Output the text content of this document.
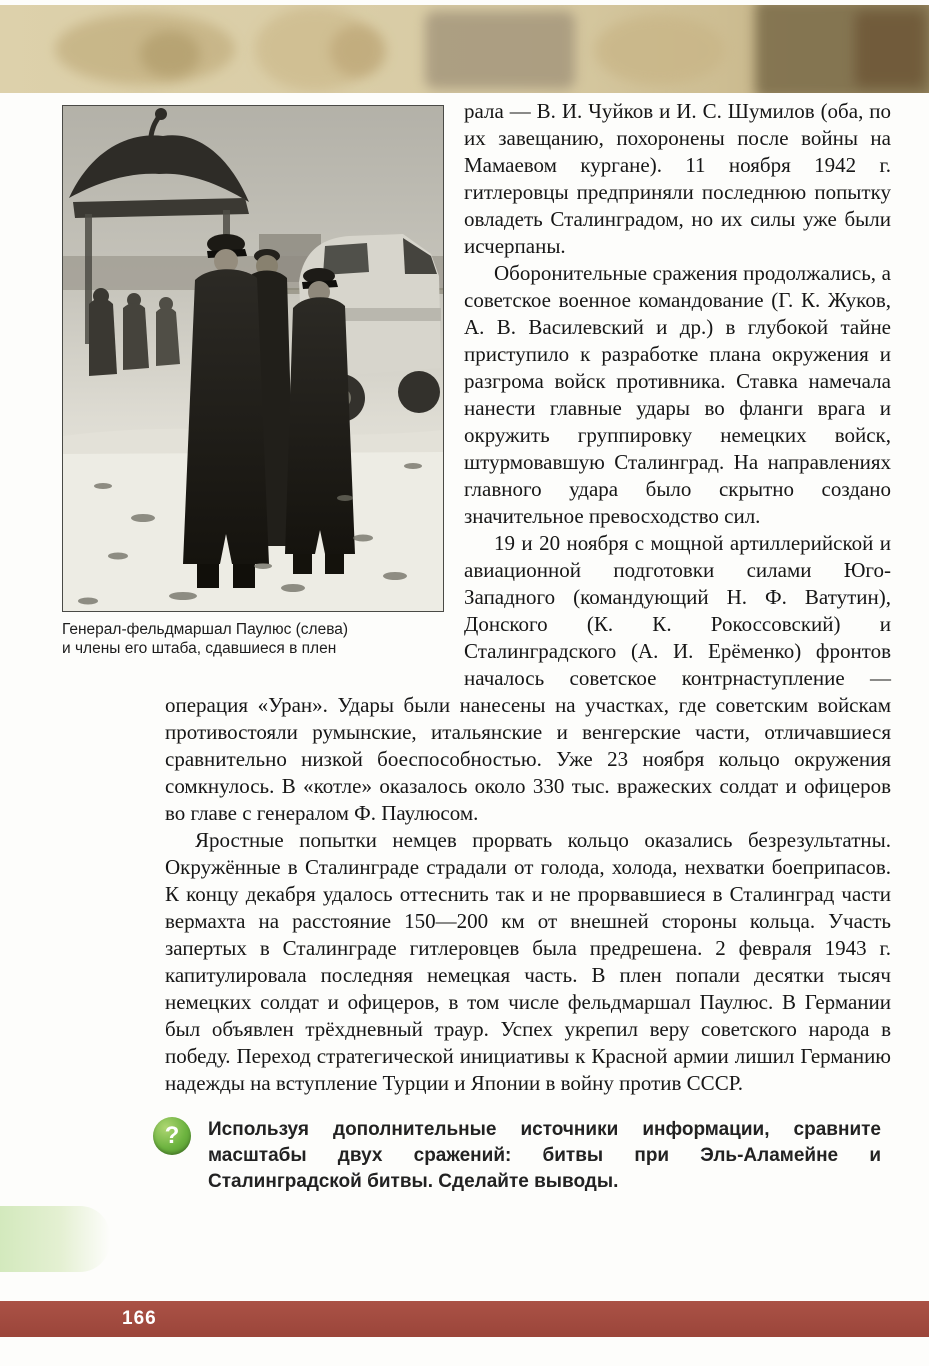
Генерал-фельдмаршал Паулюс (слева)
и члены его штаба, сдавшиеся в плен

рала — В. И. Чуйков и И. С. Шумилов (оба, по их завещанию, похоронены после войны на Мамаевом кургане). 11 ноября 1942 г. гитлеровцы предприняли последнюю попытку овладеть Сталинградом, но их силы уже были исчерпаны.

Оборонительные сражения продолжались, а советское военное командование (Г. К. Жуков, А. В. Василевский и др.) в глубокой тайне приступило к разработке плана окружения и разгрома войск противника. Ставка намечала нанести главные удары во фланги врага и окружить группировку немецких войск, штурмовавшую Сталинград. На направлениях главного удара было скрытно создано значительное превосходство сил.

19 и 20 ноября с мощной артиллерийской и авиационной подготовки силами Юго-Западного (командующий Н. Ф. Ватутин), Донского (К. К. Рокоссовский) и Сталинградского (А. И. Ерёменко) фронтов началось советское контрнаступление — операция «Уран». Удары были нанесены на участках, где советским войскам противостояли румынские, итальянские и венгерские части, отличавшиеся сравнительно низкой боеспособностью. Уже 23 ноября кольцо окружения сомкнулось. В «котле» оказалось около 330 тыс. вражеских солдат и офицеров во главе с генералом Ф. Паулюсом.

Яростные попытки немцев прорвать кольцо оказались безрезультатны. Окружённые в Сталинграде страдали от голода, холода, нехватки боеприпасов. К концу декабря удалось оттеснить так и не прорвавшиеся в Сталинград части вермахта на расстояние 150—200 км от внешней стороны кольца. Участь запертых в Сталинграде гитлеровцев была предрешена. 2 февраля 1943 г. капитулировала последняя немецкая часть. В плен попали десятки тысяч немецких солдат и офицеров, в том числе фельдмаршал Паулюс. В Германии был объявлен трёхдневный траур. Успех укрепил веру советского народа в победу. Переход стратегической инициативы к Красной армии лишил Германию надежды на вступление Турции и Японии в войну против СССР.

?	Используя дополнительные источники информации, сравните масштабы двух сражений: битвы при Эль-Аламейне и Сталинградской битвы. Сделайте выводы.
166
